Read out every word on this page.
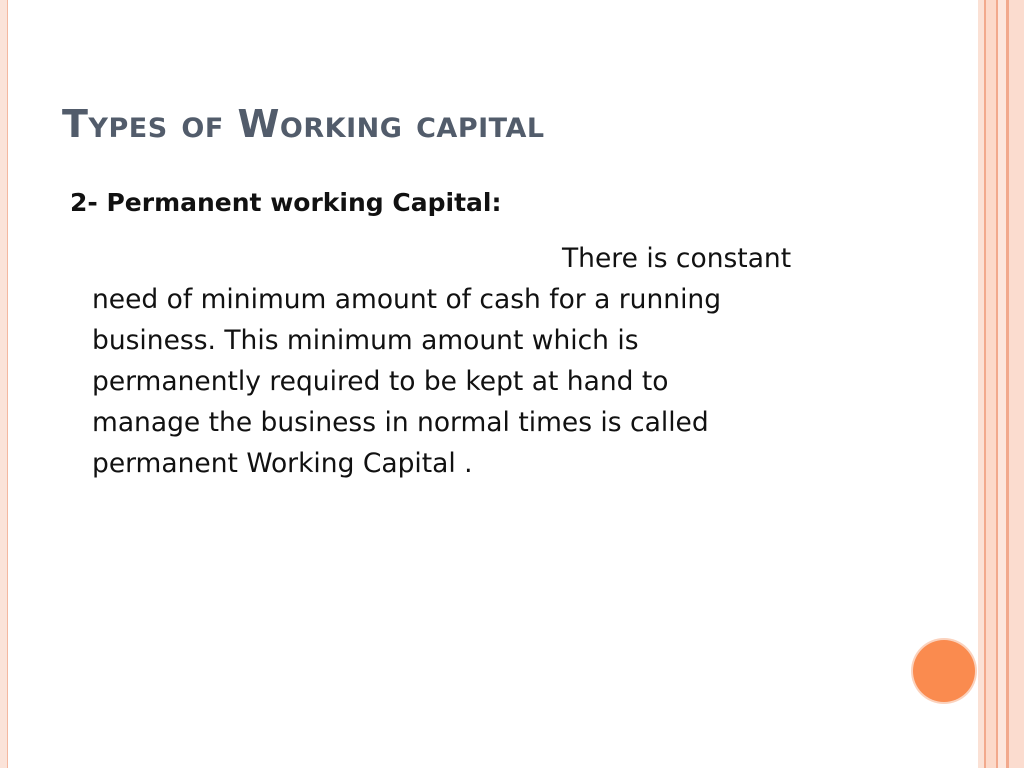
Types of Working capital

2- Permanent working Capital:

There is constant
need of minimum amount of cash for a running
business. This minimum amount which is
permanently required to be kept at hand to
manage the business in normal times is called
permanent Working Capital .
